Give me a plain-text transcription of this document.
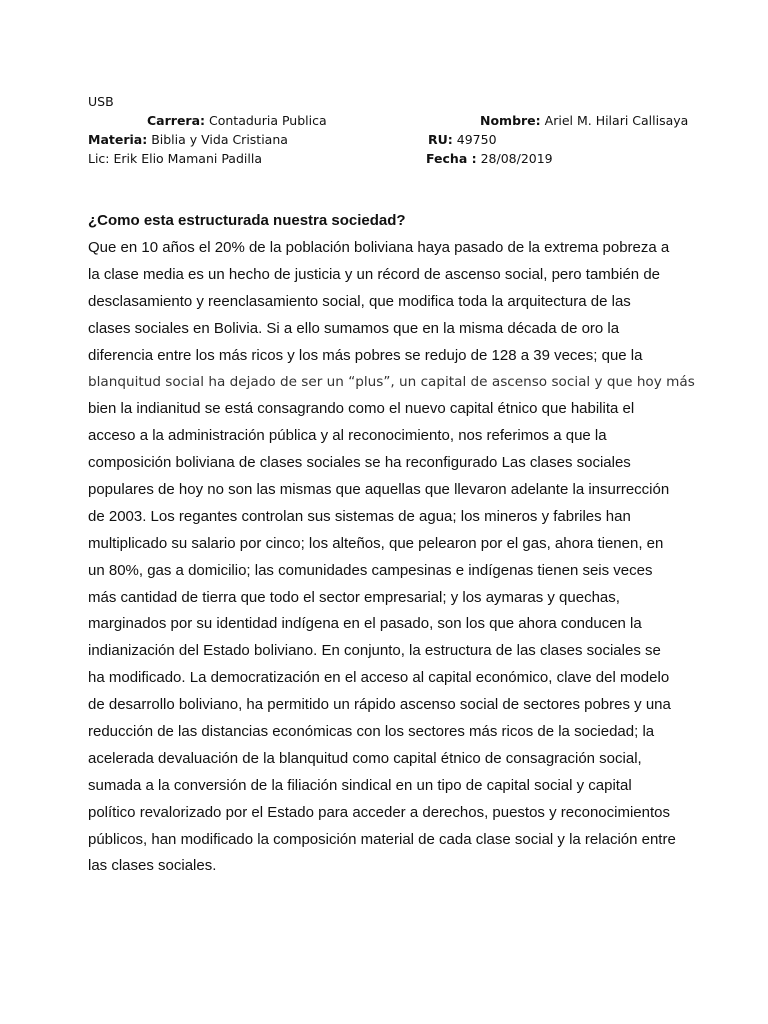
USB
Carrera: Contaduria Publica	Nombre: Ariel M. Hilari Callisaya
Materia: Biblia y Vida Cristiana	RU: 49750
Lic: Erik Elio Mamani Padilla	Fecha : 28/08/2019
¿Como esta estructurada nuestra sociedad?
Que en 10 años el 20% de la población boliviana haya pasado de la extrema pobreza a
la clase media es un hecho de justicia y un récord de ascenso social, pero también de
desclasamiento y reenclasamiento social, que modifica toda la arquitectura de las
clases sociales en Bolivia. Si a ello sumamos que en la misma década de oro la
diferencia entre los más ricos y los más pobres se redujo de 128 a 39 veces; que la
blanquitud social ha dejado de ser un “plus”, un capital de ascenso social y que hoy más
bien la indianitud se está consagrando como el nuevo capital étnico que habilita el
acceso a la administración pública y al reconocimiento, nos referimos a que la
composición boliviana de clases sociales se ha reconfigurado Las clases sociales
populares de hoy no son las mismas que aquellas que llevaron adelante la insurrección
de 2003. Los regantes controlan sus sistemas de agua; los mineros y fabriles han
multiplicado su salario por cinco; los alteños, que pelearon por el gas, ahora tienen, en
un 80%, gas a domicilio; las comunidades campesinas e indígenas tienen seis veces
más cantidad de tierra que todo el sector empresarial; y los aymaras y quechas,
marginados por su identidad indígena en el pasado, son los que ahora conducen la
indianización del Estado boliviano. En conjunto, la estructura de las clases sociales se
ha modificado. La democratización en el acceso al capital económico, clave del modelo
de desarrollo boliviano, ha permitido un rápido ascenso social de sectores pobres y una
reducción de las distancias económicas con los sectores más ricos de la sociedad; la
acelerada devaluación de la blanquitud como capital étnico de consagración social,
sumada a la conversión de la filiación sindical en un tipo de capital social y capital
político revalorizado por el Estado para acceder a derechos, puestos y reconocimientos
públicos, han modificado la composición material de cada clase social y la relación entre
las clases sociales.
